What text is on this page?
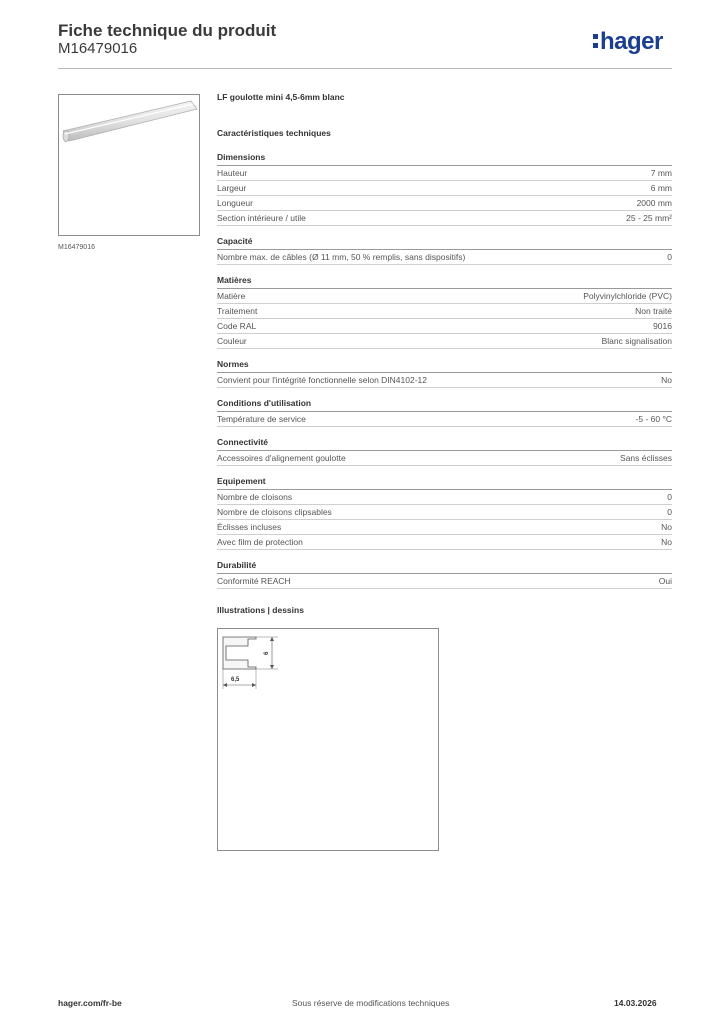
Fiche technique du produit
M16479016	hager
M16479016
LF goulotte mini 4,5-6mm blanc
Caractéristiques techniques
Dimensions
Hauteur	7 mm
Largeur	6 mm
Longueur	2000 mm
Section intérieure / utile	25 - 25 mm²
Capacité
Nombre max. de câbles (Ø 11 mm, 50 % remplis, sans dispositifs)	0
Matières
Matière	Polyvinylchloride (PVC)
Traitement	Non traité
Code RAL	9016
Couleur	Blanc signalisation
Normes
Convient pour l'intégrité fonctionnelle selon DIN4102-12	No
Conditions d'utilisation
Température de service	-5 - 60 °C
Connectivité
Accessoires d'alignement goulotte	Sans éclisses
Equipement
Nombre de cloisons	0
Nombre de cloisons clipsables	0
Éclisses incluses	No
Avec film de protection	No
Durabilité
Conformité REACH	Oui
Illustrations | dessins
6
6,5
hager.com/fr-be	Sous réserve de modifications techniques	14.03.2026
